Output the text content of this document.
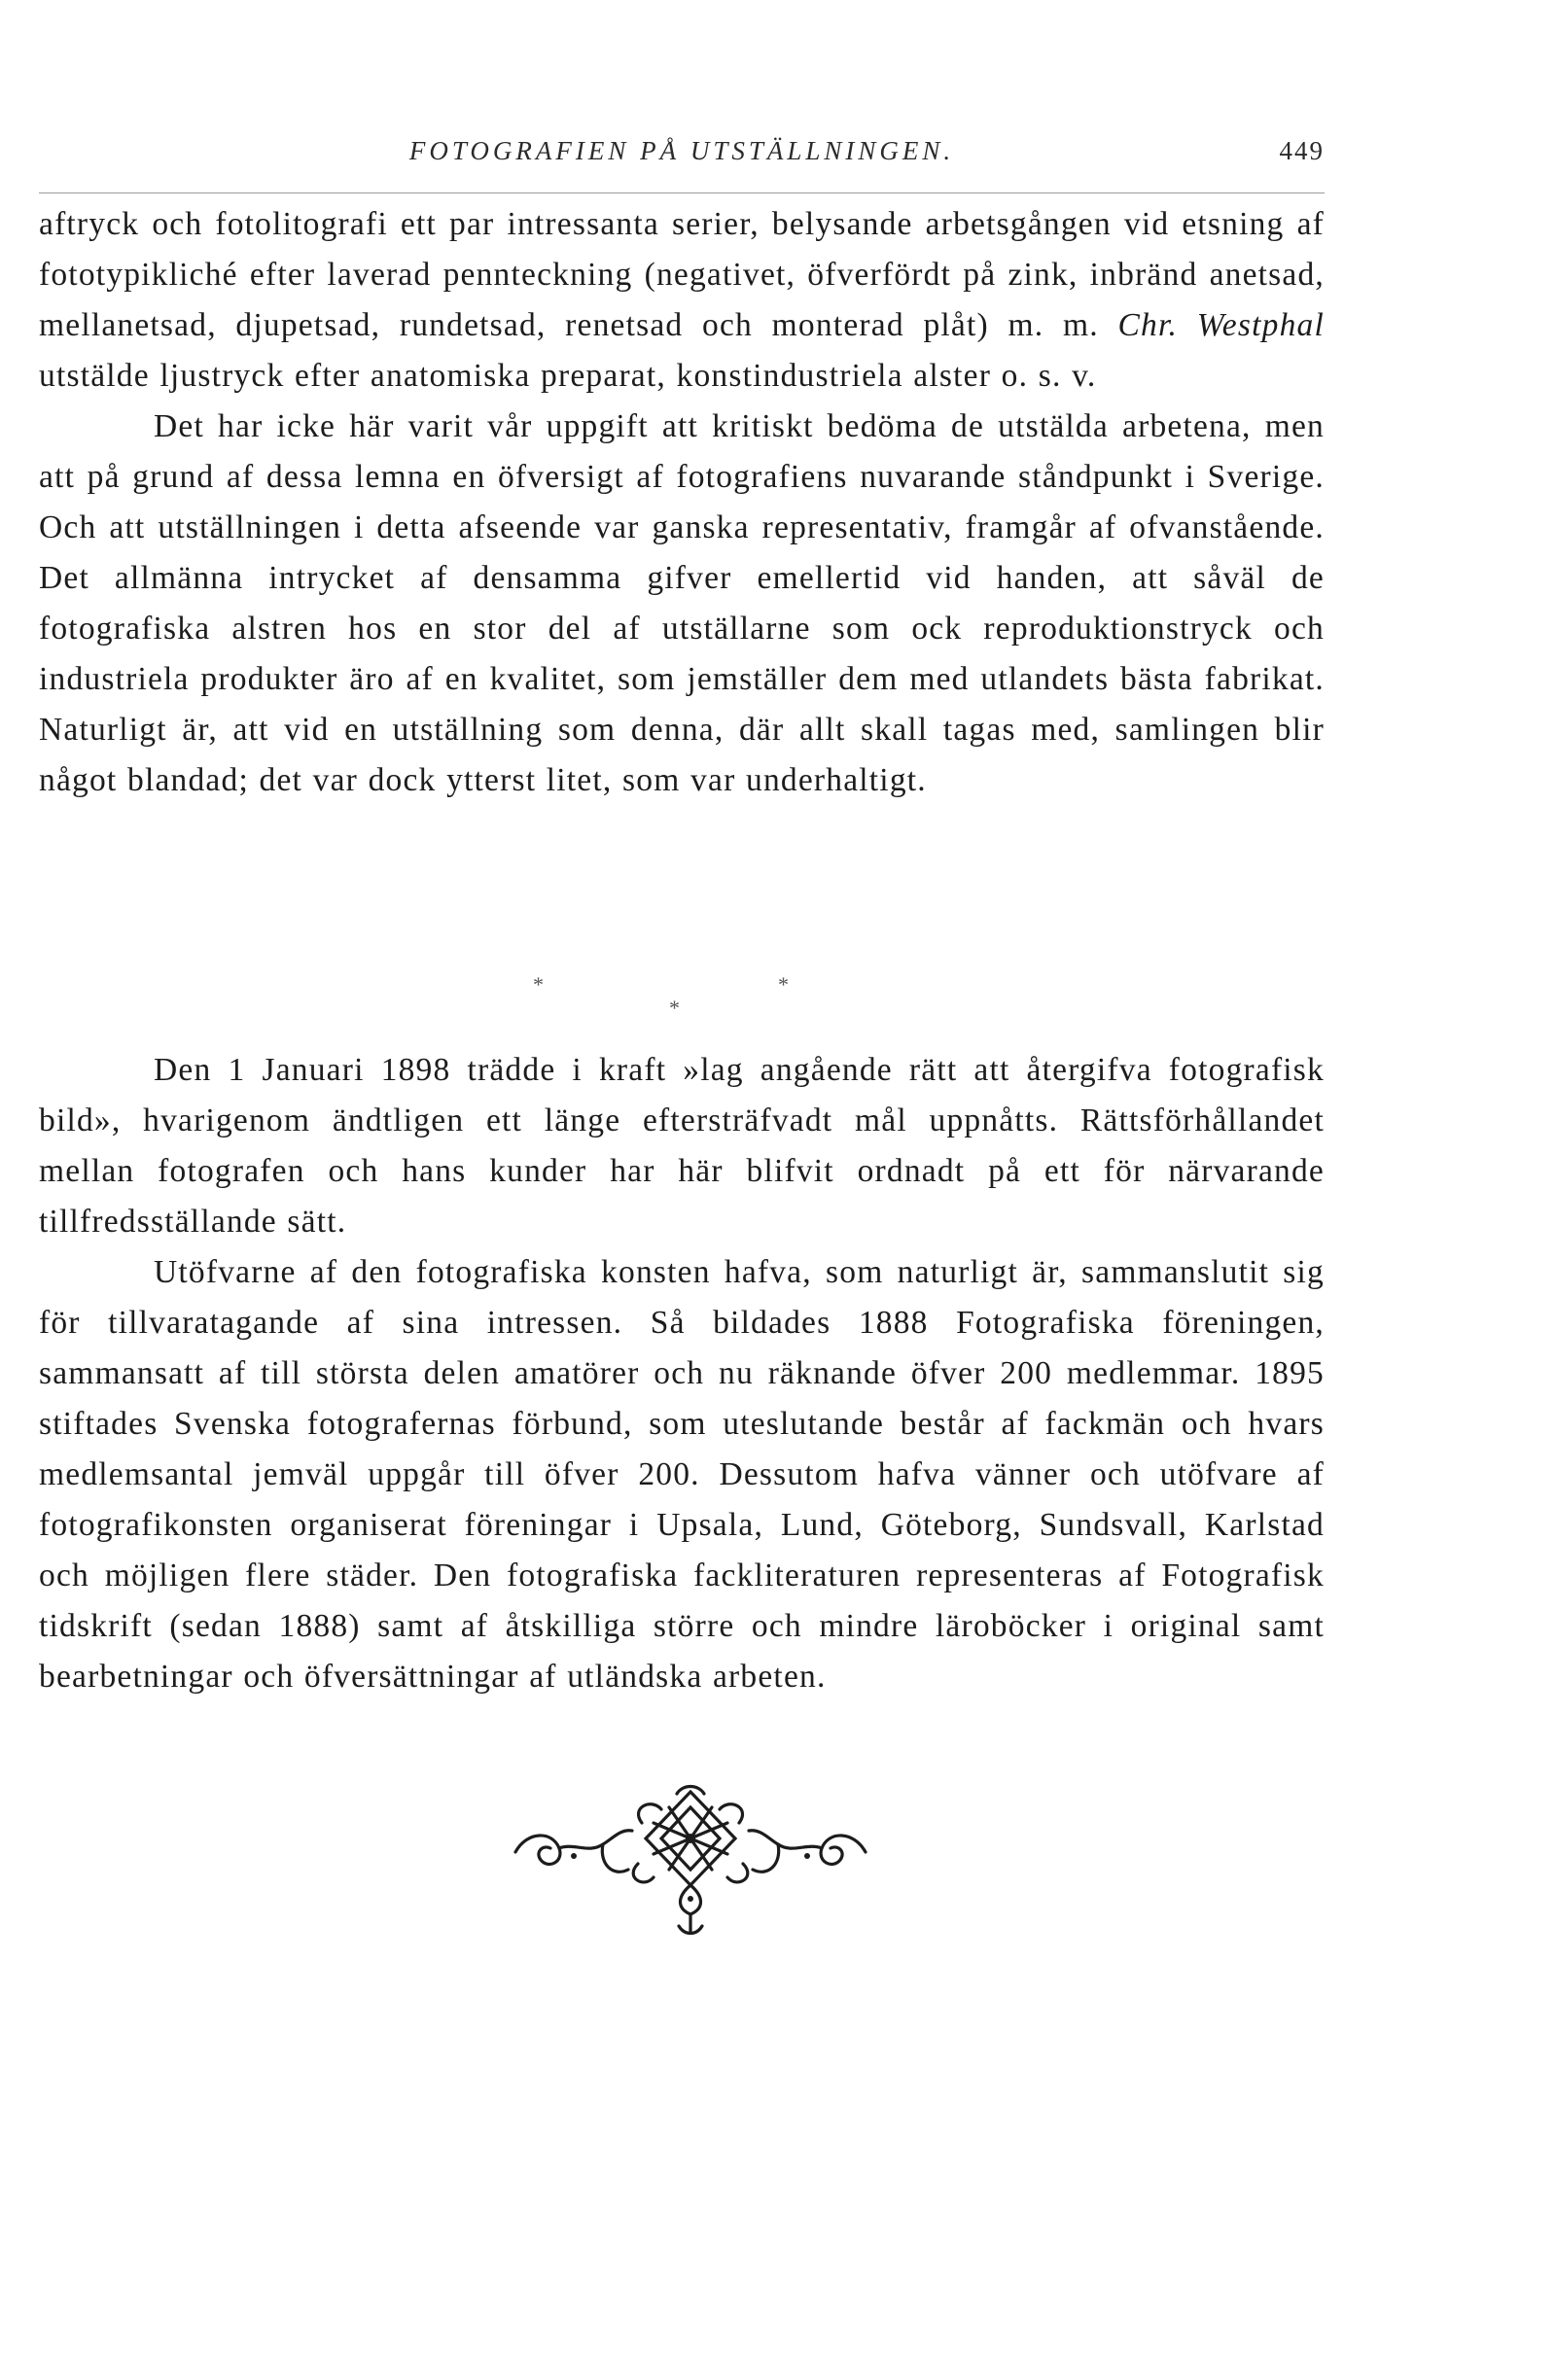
FOTOGRAFIEN PÅ UTSTÄLLNINGEN.	449

aftryck och fotolitografi ett par intressanta serier, belysande arbetsgången vid etsning af fototypikliché efter laverad pennteckning (negativet, öfverfördt på zink, inbränd anetsad, mellanetsad, djupetsad, rundetsad, renetsad och monterad plåt) m. m. Chr. Westphal utstälde ljustryck efter anatomiska preparat, konstindustriela alster o. s. v.

Det har icke här varit vår uppgift att kritiskt bedöma de utstälda arbetena, men att på grund af dessa lemna en öfversigt af fotografiens nuvarande ståndpunkt i Sverige. Och att utställningen i detta afseende var ganska representativ, framgår af ofvanstående. Det allmänna intrycket af densamma gifver emellertid vid handen, att såväl de fotografiska alstren hos en stor del af utställarne som ock reproduktionstryck och industriela produkter äro af en kvalitet, som jemställer dem med utlandets bästa fabrikat. Naturligt är, att vid en utställning som denna, där allt skall tagas med, samlingen blir något blandad; det var dock ytterst litet, som var underhaltigt.

*	*
*

Den 1 Januari 1898 trädde i kraft »lag angående rätt att återgifva fotografisk bild», hvarigenom ändtligen ett länge eftersträfvadt mål uppnåtts. Rättsförhållandet mellan fotografen och hans kunder har här blifvit ordnadt på ett för närvarande tillfredsställande sätt.

Utöfvarne af den fotografiska konsten hafva, som naturligt är, sammanslutit sig för tillvaratagande af sina intressen. Så bildades 1888 Fotografiska föreningen, sammansatt af till största delen amatörer och nu räknande öfver 200 medlemmar. 1895 stiftades Svenska fotografernas förbund, som uteslutande består af fackmän och hvars medlemsantal jemväl uppgår till öfver 200. Dessutom hafva vänner och utöfvare af fotografikonsten organiserat föreningar i Upsala, Lund, Göteborg, Sundsvall, Karlstad och möjligen flere städer. Den fotografiska fackliteraturen representeras af Fotografisk tidskrift (sedan 1888) samt af åtskilliga större och mindre läroböcker i original samt bearbetningar och öfversättningar af utländska arbeten.
